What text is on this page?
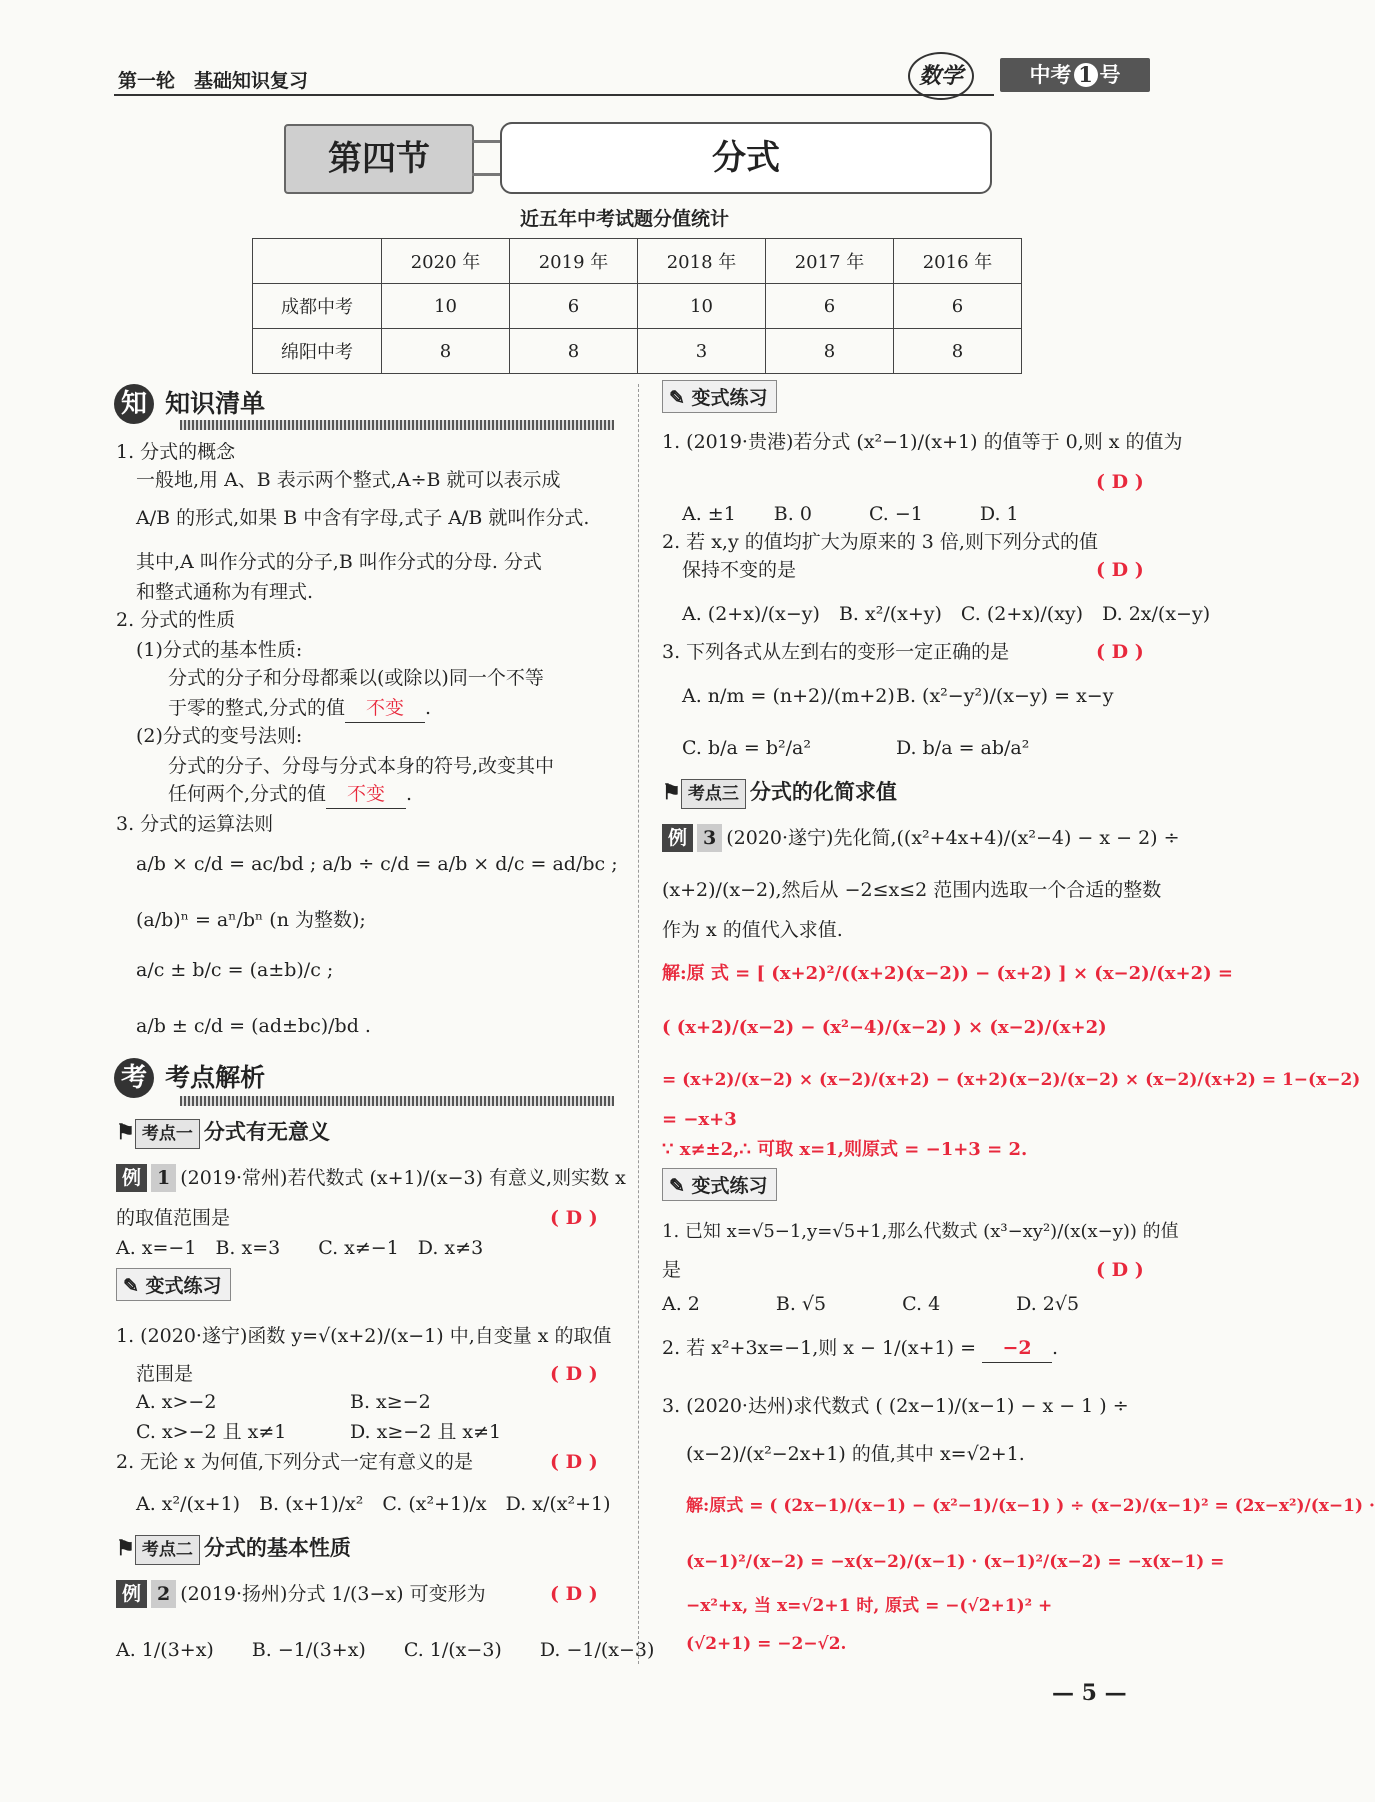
第一轮　基础知识复习	数学	中考 1 号
第四节	分式
近五年中考试题分值统计
	2020 年	2019 年	2018 年	2017 年	2016 年
成都中考	10	6	10	6	6
绵阳中考	8	8	3	8	8
知 知识清单
1. 分式的概念
一般地,用 A、B 表示两个整式,A÷B 就可以表示成
A/B 的形式,如果 B 中含有字母,式子 A/B 就叫作分式.
其中,A 叫作分式的分子,B 叫作分式的分母. 分式
和整式通称为有理式.
2. 分式的性质
(1)分式的基本性质:
分式的分子和分母都乘以(或除以)同一个不等
于零的整式,分式的值 不变 .
(2)分式的变号法则:
分式的分子、分母与分式本身的符号,改变其中
任何两个,分式的值 不变 .
3. 分式的运算法则
a/b × c/d = ac/bd ; a/b ÷ c/d = a/b × d/c = ad/bc ;
(a/b)ⁿ = aⁿ/bⁿ (n 为整数);
a/c ± b/c = (a±b)/c ;
a/b ± c/d = (ad±bc)/bd .
考 考点解析
⚑ 考点一 分式有无意义
例 1 (2019·常州)若代数式 (x+1)/(x−3) 有意义,则实数 x
的取值范围是	( D )
A. x=−1　B. x=3　　C. x≠−1　D. x≠3
✎ 变式练习
1. (2020·遂宁)函数 y=√(x+2)/(x−1) 中,自变量 x 的取值
范围是	( D )
A. x>−2	B. x≥−2
C. x>−2 且 x≠1	D. x≥−2 且 x≠1
2. 无论 x 为何值,下列分式一定有意义的是	( D )
A. x²/(x+1)　B. (x+1)/x²　C. (x²+1)/x　D. x/(x²+1)
⚑ 考点二 分式的基本性质
例 2 (2019·扬州)分式 1/(3−x) 可变形为	( D )
A. 1/(3+x)　　B. −1/(3+x)　　C. 1/(x−3)　　D. −1/(x−3)
✎ 变式练习
1. (2019·贵港)若分式 (x²−1)/(x+1) 的值等于 0,则 x 的值为
( D )
A. ±1　　B. 0　　　C. −1　　　D. 1
2. 若 x,y 的值均扩大为原来的 3 倍,则下列分式的值
保持不变的是	( D )
A. (2+x)/(x−y)　B. x²/(x+y)　C. (2+x)/(xy)　D. 2x/(x−y)
3. 下列各式从左到右的变形一定正确的是	( D )
A. n/m = (n+2)/(m+2) B. (x²−y²)/(x−y) = x−y
C. b/a = b²/a²	D. b/a = ab/a²
⚑ 考点三 分式的化简求值
例 3 (2020·遂宁)先化简,((x²+4x+4)/(x²−4) − x − 2) ÷
(x+2)/(x−2),然后从 −2≤x≤2 范围内选取一个合适的整数
作为 x 的值代入求值.
解:原 式 = [ (x+2)²/((x+2)(x−2)) − (x+2) ] × (x−2)/(x+2) =
( (x+2)/(x−2) − (x²−4)/(x−2) ) × (x−2)/(x+2)
= (x+2)/(x−2) × (x−2)/(x+2) − (x+2)(x−2)/(x−2) × (x−2)/(x+2) = 1−(x−2)
= −x+3
∵ x≠±2,∴ 可取 x=1,则原式 = −1+3 = 2.
✎ 变式练习
1. 已知 x=√5−1,y=√5+1,那么代数式 (x³−xy²)/(x(x−y)) 的值
是	( D )
A. 2　　　　B. √5　　　　C. 4　　　　D. 2√5
2. 若 x²+3x=−1,则 x − 1/(x+1) = −2 .
3. (2020·达州)求代数式 ( (2x−1)/(x−1) − x − 1 ) ÷
(x−2)/(x²−2x+1) 的值,其中 x=√2+1.
解:原式 = ( (2x−1)/(x−1) − (x²−1)/(x−1) ) ÷ (x−2)/(x−1)² = (2x−x²)/(x−1) ·
(x−1)²/(x−2) = −x(x−2)/(x−1) · (x−1)²/(x−2) = −x(x−1) =
−x²+x, 当 x=√2+1 时, 原式 = −(√2+1)² +
(√2+1) = −2−√2.
— 5 —
